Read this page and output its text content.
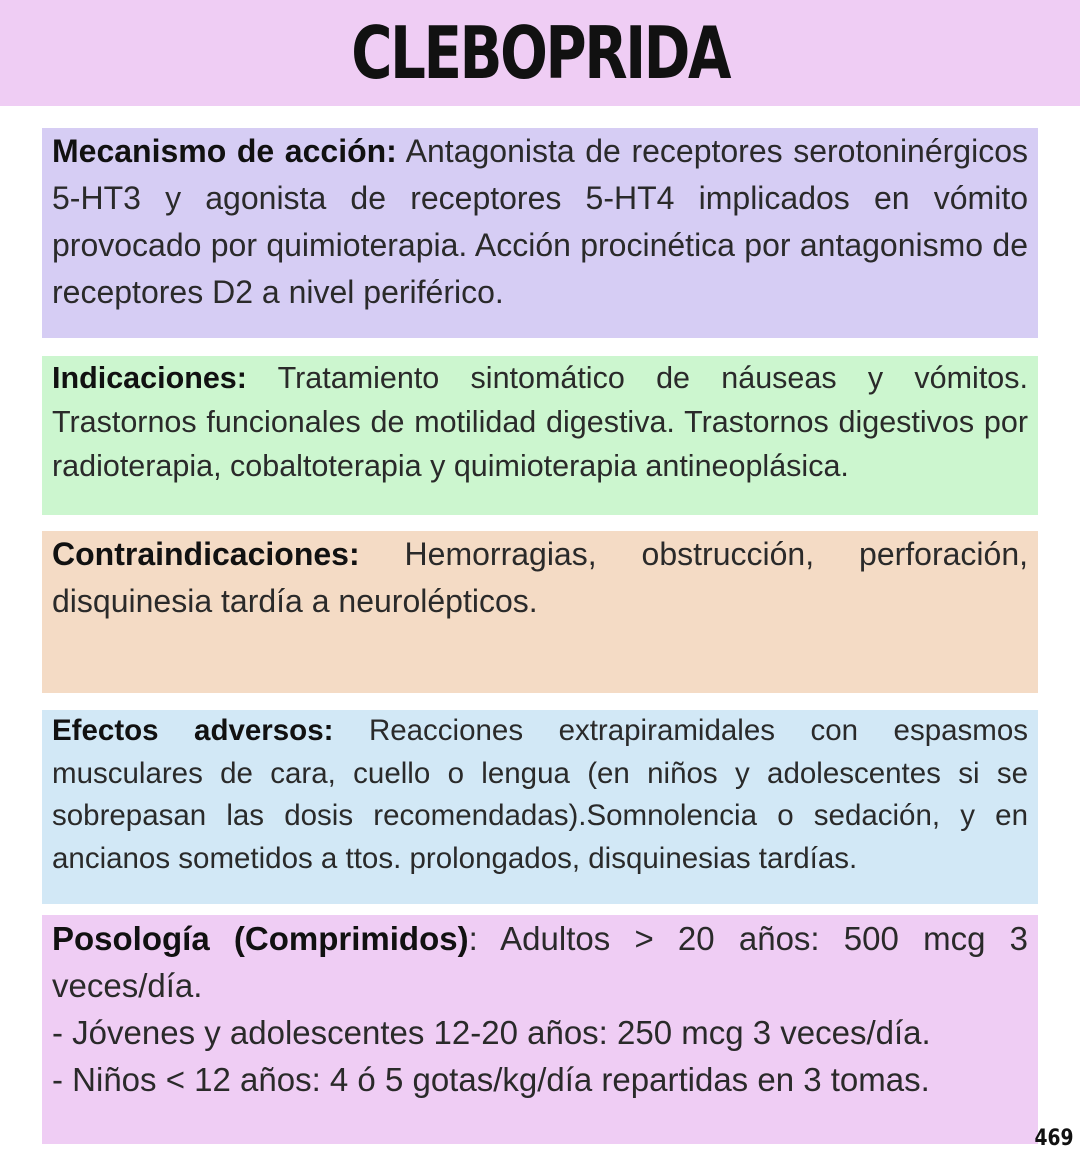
CLEBOPRIDA

Mecanismo de acción: Antagonista de receptores serotoninérgicos 5-HT3 y agonista de receptores 5-HT4 implicados en vómito provocado por quimioterapia. Acción procinética por antagonismo de receptores D2 a nivel periférico.

Indicaciones: Tratamiento sintomático de náuseas y vómitos. Trastornos funcionales de motilidad digestiva. Trastornos digestivos por radioterapia, cobaltoterapia y quimioterapia antineoplásica.

Contraindicaciones: Hemorragias, obstrucción, perforación, disquinesia tardía a neurolépticos.

Efectos adversos: Reacciones extrapiramidales con espasmos musculares de cara, cuello o lengua (en niños y adolescentes si se sobrepasan las dosis recomendadas).Somnolencia o sedación, y en ancianos sometidos a ttos. prolongados, disquinesias tardías.

Posología (Comprimidos): Adultos > 20 años: 500 mcg 3 veces/día.
- Jóvenes y adolescentes 12-20 años: 250 mcg 3 veces/día.
- Niños < 12 años: 4 ó 5 gotas/kg/día repartidas en 3 tomas.

469
